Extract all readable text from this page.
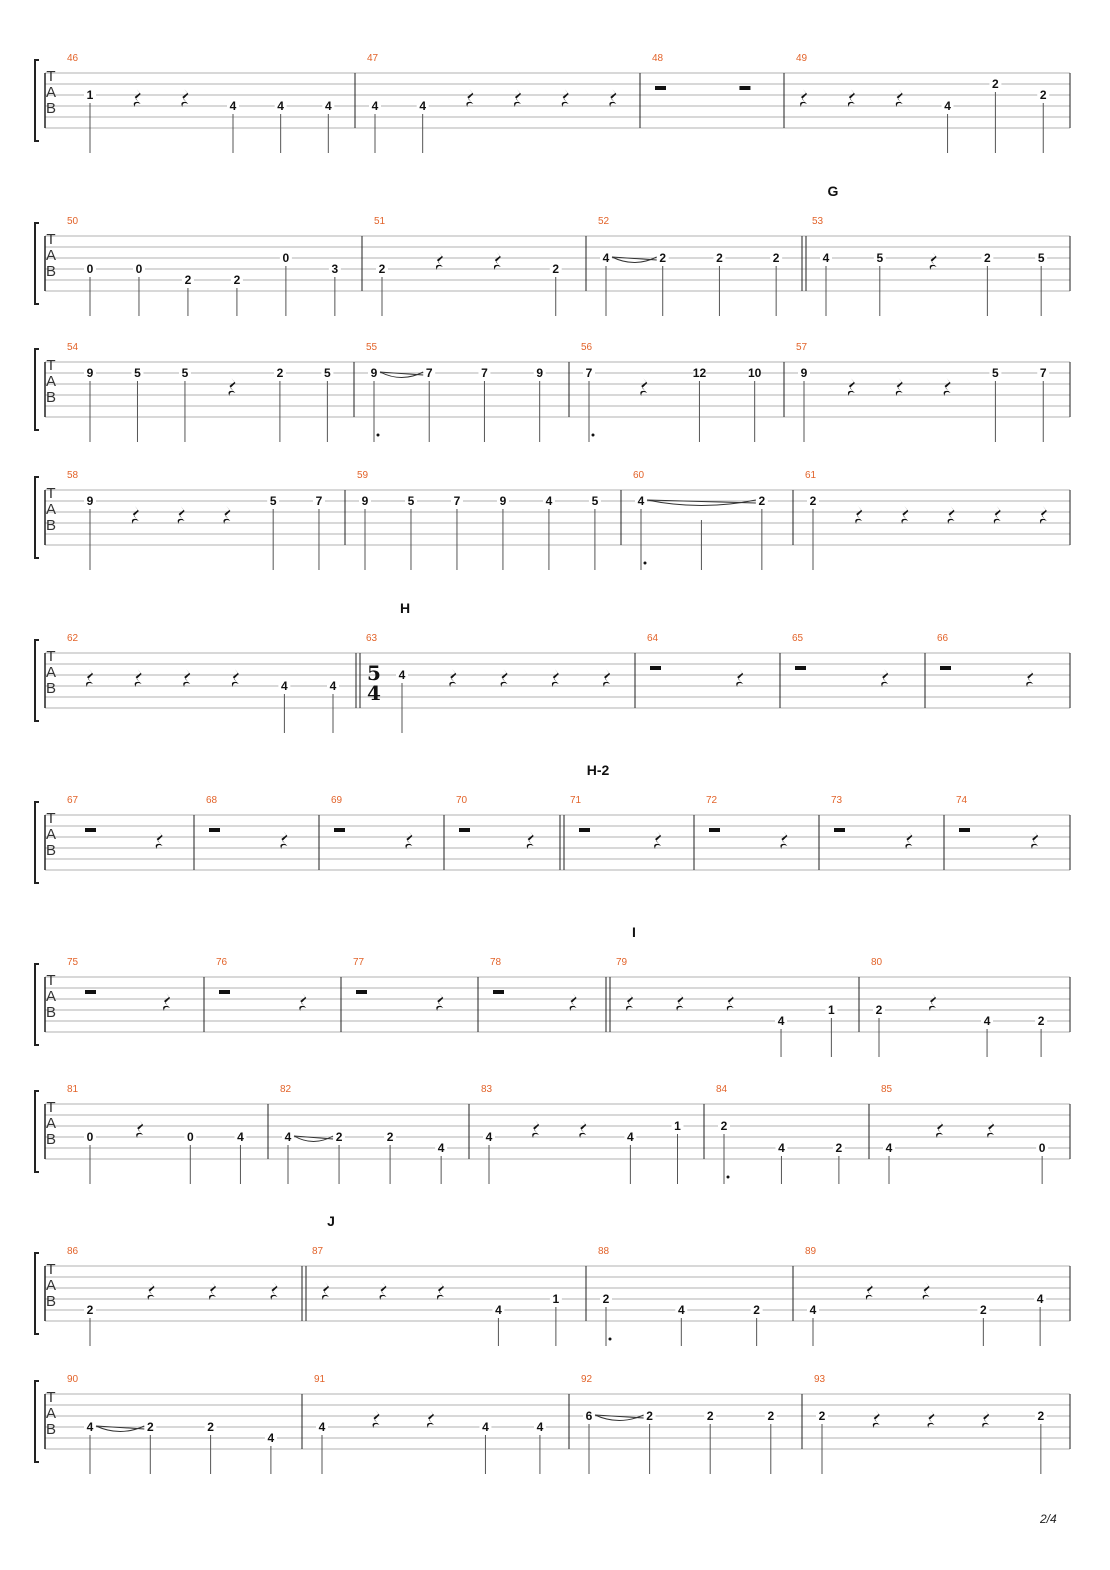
T
A
B
46
1
4	4	4
47
4	4
48	49
4
2
2
T
A
B
G
50
0	0
2	2
0
3
51
2	2
52
4	2	2	2
53
4	5	2	5
T
A
B
54
9	5	5	2	5
55
9	7	7	9
56
7	12	10
57
9	5	7
T
A
B
58
9	5	7
59
9	5	7	9	4	5
60
4	2
61
2
T
A
B
H
62
4	4
63
5
4
4
64	65	66
T
A
B
H-2
67	68	69	70	71	72	73	74
T
A
B
I
75	76	77	78	79
4
1
80
2
4	2
T
A
B
81
0	0	4
82
4	2	2
4
83
4	4
1
84
2
4	2
85
4	0
T
A
B
J
86
2
87
4
1
88
2
4	2
89
4	2
4
T
A
B
90
4	2	2
4
91
4	4	4
92
6	2	2	2
93
2	2
2/4
